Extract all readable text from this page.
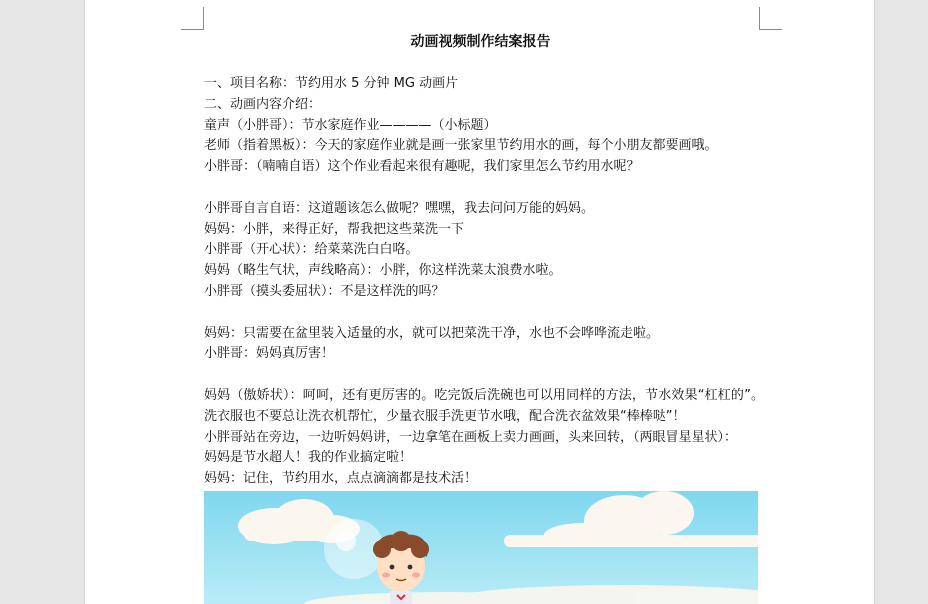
动画视频制作结案报告
一、项目名称：节约用水 5 分钟 MG 动画片
二、动画内容介绍：
童声（小胖哥）：节水家庭作业————（小标题）
老师（指着黑板）：今天的家庭作业就是画一张家里节约用水的画，每个小朋友都要画哦。
小胖哥：（喃喃自语）这个作业看起来很有趣呢，我们家里怎么节约用水呢？
小胖哥自言自语：这道题该怎么做呢？嘿嘿，我去问问万能的妈妈。
妈妈：小胖，来得正好，帮我把这些菜洗一下
小胖哥（开心状）：给菜菜洗白白咯。
妈妈（略生气状，声线略高）：小胖，你这样洗菜太浪费水啦。
小胖哥（摸头委屈状）：不是这样洗的吗？
妈妈：只需要在盆里装入适量的水，就可以把菜洗干净，水也不会哗哗流走啦。
小胖哥：妈妈真厉害！
妈妈（傲娇状）：呵呵，还有更厉害的。吃完饭后洗碗也可以用同样的方法，节水效果“杠杠的”。洗衣服也不要总让洗衣机帮忙，少量衣服手洗更节水哦，配合洗衣盆效果“棒棒哒”！
小胖哥站在旁边，一边听妈妈讲，一边拿笔在画板上卖力画画，头来回转，（两眼冒星星状）：
妈妈是节水超人！我的作业搞定啦！
妈妈：记住，节约用水，点点滴滴都是技术活！
